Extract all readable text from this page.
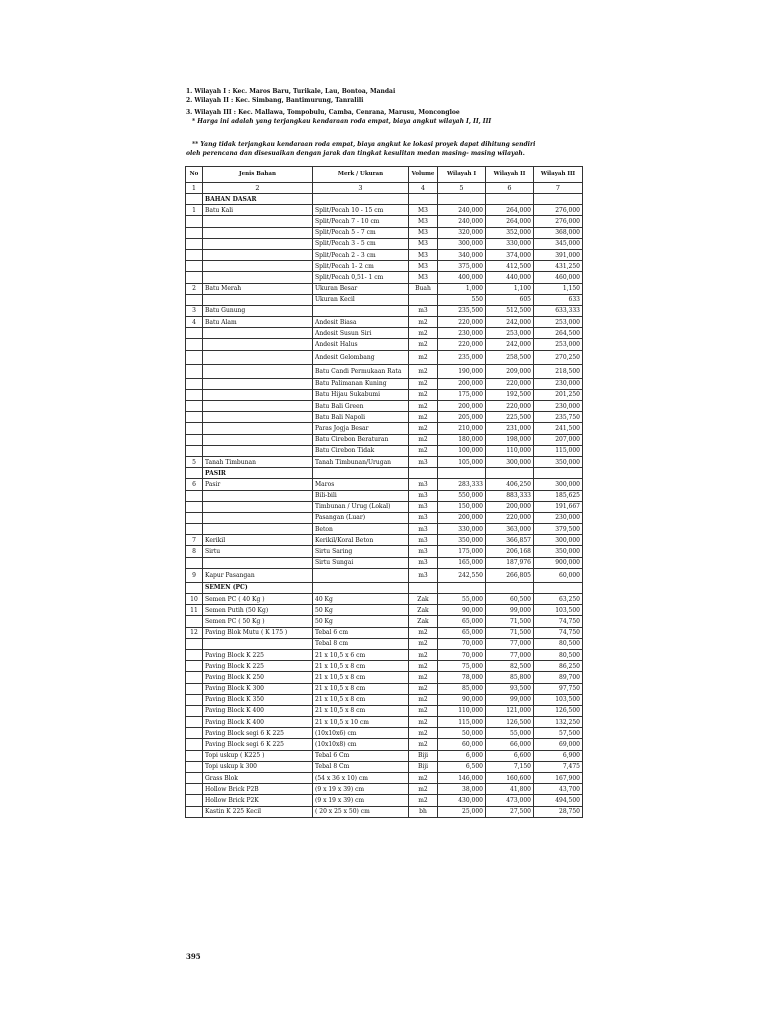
1. Wilayah I : Kec. Maros Baru, Turikale, Lau, Bontoa, Mandai
2. Wilayah II : Kec. Simbang, Bantimurung, Tanralili
3. Wilayah III : Kec. Mallawa, Tompobulu, Camba, Cenrana, Marusu, Moncongloe
* Harga ini adalah yang terjangkau kendaraan roda empat, biaya angkut wilayah I, II, III
** Yang tidak terjangkau kendaraan roda empat, biaya angkut ke lokasi proyek dapat dihitung sendiri
oleh perencana dan disesuaikan dengan jarak dan tingkat kesulitan medan masing- masing wilayah.
No	Jenis Bahan	Merk / Ukuran	Volume	Wilayah I	Wilayah II	Wilayah III
1	2	3	4	5	6	7
	BAHAN DASAR					
1	Batu Kali	Split/Pecah 10 - 15 cm	M3	240,000	264,000	276,000
		Split/Pecah 7 - 10 cm	M3	240,000	264,000	276,000
		Split/Pecah 5 - 7 cm	M3	320,000	352,000	368,000
		Split/Pecah 3 - 5 cm	M3	300,000	330,000	345,000
		Split/Pecah 2 - 3 cm	M3	340,000	374,000	391,000
		Split/Pecah 1- 2 cm	M3	375,000	412,500	431,250
		Split/Pecah 0,51- 1 cm	M3	400,000	440,000	460,000
2	Batu Merah	Ukuran Besar	Buah	1,000	1,100	1,150
		Ukuran Kecil		550	605	633
3	Batu Gunung		m3	235,500	512,500	633,333
4	Batu Alam	Andesit Biasa	m2	220,000	242,000	253,000
		Andesit Susun Siri	m2	230,000	253,000	264,500
		Andesit Halus	m2	220,000	242,000	253,000
		Andesit Gelombang	m2	235,000	258,500	270,250
		Batu Candi Permukaan Rata	m2	190,000	209,000	218,500
		Batu Palimanan Kuning	m2	200,000	220,000	230,000
		Batu Hijau Sukabumi	m2	175,000	192,500	201,250
		Batu Bali Green	m2	200,000	220,000	230,000
		Batu Bali Napoli	m2	205,000	225,500	235,750
		Paras Jogja Besar	m2	210,000	231,000	241,500
		Batu Cirebon Beraturan	m2	180,000	198,000	207,000
		Batu Cirebon Tidak	m2	100,000	110,000	115,000
5	Tanah Timbunan	Tanah Timbunan/Urugan	m3	105,000	300,000	350,000
	PASIR					
6	Pasir	Maros	m3	283,333	406,250	300,000
		Bili-bili	m3	550,000	883,333	185,625
		Timbunan / Urug (Lokal)	m3	150,000	200,000	191,667
		Pasangan (Luar)	m3	200,000	220,000	230,000
		Beton	m3	330,000	363,000	379,500
7	Kerikil	Kerikil/Koral Beton	m3	350,000	366,857	300,000
8	Sirtu	Sirtu Saring	m3	175,000	206,168	350,000
		Sirtu Sungai	m3	165,000	187,976	900,000
9	Kapur Pasangan		m3	242,550	266,805	60,000
	SEMEN (PC)					
10	Semen PC ( 40 Kg )	40 Kg	Zak	55,000	60,500	63,250
11	Semen Putih (50 Kg)	50 Kg	Zak	90,000	99,000	103,500
	Semen PC ( 50 Kg )	50 Kg	Zak	65,000	71,500	74,750
12	Paving Blok Mutu ( K 175 )	Tebal 6 cm	m2	65,000	71,500	74,750
		Tebal 8 cm	m2	70,000	77,000	80,500
	Paving Block K 225	21 x 10,5 x 6 cm	m2	70,000	77,000	80,500
	Paving Block K 225	21 x 10,5 x 8 cm	m2	75,000	82,500	86,250
	Paving Block K 250	21 x 10,5 x 8 cm	m2	78,000	85,800	89,700
	Paving Block K 300	21 x 10,5 x 8 cm	m2	85,000	93,500	97,750
	Paving Block K 350	21 x 10,5 x 8 cm	m2	90,000	99,000	103,500
	Paving Block K 400	21 x 10,5 x 8 cm	m2	110,000	121,000	126,500
	Paving Block K 400	21 x 10,5 x 10 cm	m2	115,000	126,500	132,250
	Paving Block segi 6 K 225	(10x10x6) cm	m2	50,000	55,000	57,500
	Paving Block segi 6 K 225	(10x10x8) cm	m2	60,000	66,000	69,000
	Topi uskup ( K225 )	Tebal 6 Cm	Biji	6,000	6,600	6,900
	Topi uskup k 300	Tebal 8 Cm	Biji	6,500	7,150	7,475
	Grass Blok	(54 x 36 x 10) cm	m2	146,000	160,600	167,900
	Hollow Brick P2B	(9 x 19 x 39) cm	m2	38,000	41,800	43,700
	Hollow Brick P2K	(9 x 19 x 39) cm	m2	430,000	473,000	494,500
	Kastin K 225 Kecil	( 20 x 25 x 50) cm	bh	25,000	27,500	28,750
395
